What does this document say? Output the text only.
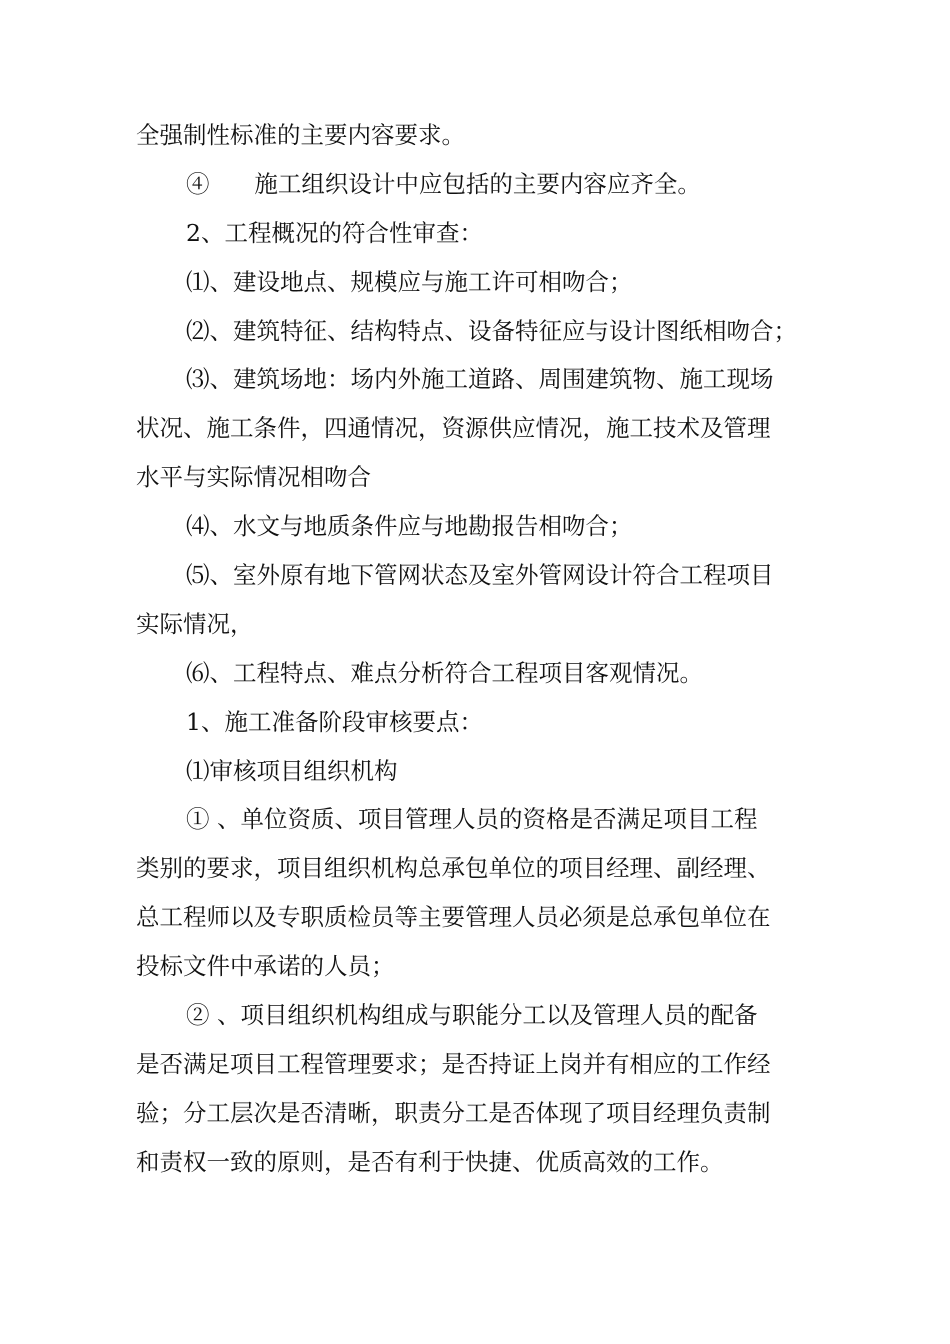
全强制性标准的主要内容要求。
④      施工组织设计中应包括的主要内容应齐全。
2、工程概况的符合性审查：
⑴、建设地点、规模应与施工许可相吻合；
⑵、建筑特征、结构特点、设备特征应与设计图纸相吻合；
⑶、建筑场地：场内外施工道路、周围建筑物、施工现场
状况、施工条件，四通情况，资源供应情况，施工技术及管理
水平与实际情况相吻合
⑷、水文与地质条件应与地勘报告相吻合；
⑸、室外原有地下管网状态及室外管网设计符合工程项目
实际情况，
⑹、工程特点、难点分析符合工程项目客观情况。
1、施工准备阶段审核要点：
⑴审核项目组织机构
① 、单位资质、项目管理人员的资格是否满足项目工程
类别的要求，项目组织机构总承包单位的项目经理、副经理、
总工程师以及专职质检员等主要管理人员必须是总承包单位在
投标文件中承诺的人员；
② 、项目组织机构组成与职能分工以及管理人员的配备
是否满足项目工程管理要求；是否持证上岗并有相应的工作经
验；分工层次是否清晰，职责分工是否体现了项目经理负责制
和责权一致的原则，是否有利于快捷、优质高效的工作。
